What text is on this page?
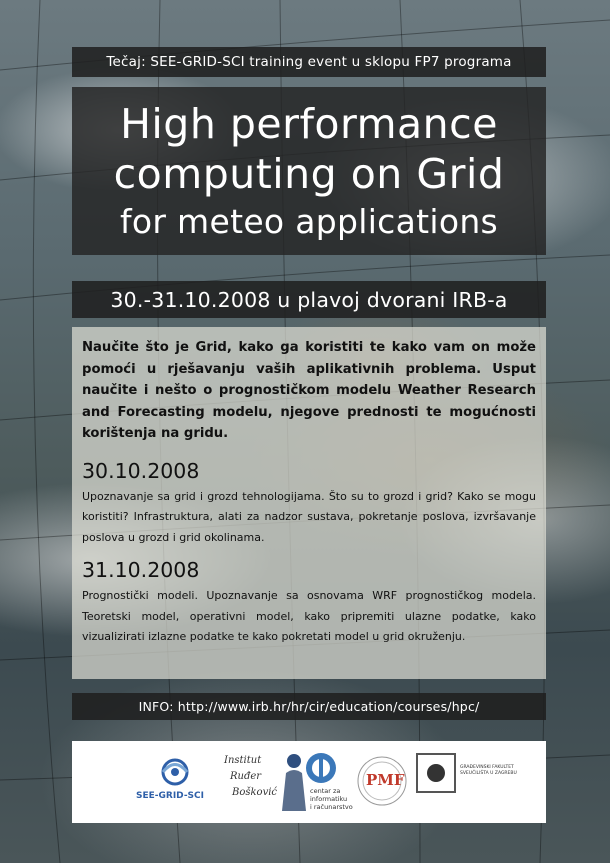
Tečaj: SEE-GRID-SCI training event u sklopu FP7 programa
High performance
computing on Grid
for meteo applications
30.-31.10.2008 u plavoj dvorani IRB-a

Naučite što je Grid, kako ga koristiti te kako vam on može pomoći u rješavanju vaših aplikativnih problema. Usput naučite i nešto o prognostičkom modelu Weather Research and Forecasting modelu, njegove prednosti te mogućnosti korištenja na gridu.

30.10.2008

Upoznavanje sa grid i grozd tehnologijama. Što su to grozd i grid? Kako se mogu koristiti? Infrastruktura, alati za nadzor sustava, pokretanje poslova, izvršavanje poslova u grozd i grid okolinama.

31.10.2008

Prognostički modeli. Upoznavanje sa osnovama WRF prognostičkog modela. Teoretski model, operativni model, kako pripremiti ulazne podatke, kako vizualizirati izlazne podatke te kako pokretati model u grid okruženju.

INFO: http://www.irb.hr/hr/cir/education/courses/hpc/
SEE-GRID-SCI
Institut
Ruđer
Bošković	centar za
informatiku
i računarstvo
PMF
GRAĐEVINSKI FAKULTET
SVEUČILIŠTA U ZAGREBU
